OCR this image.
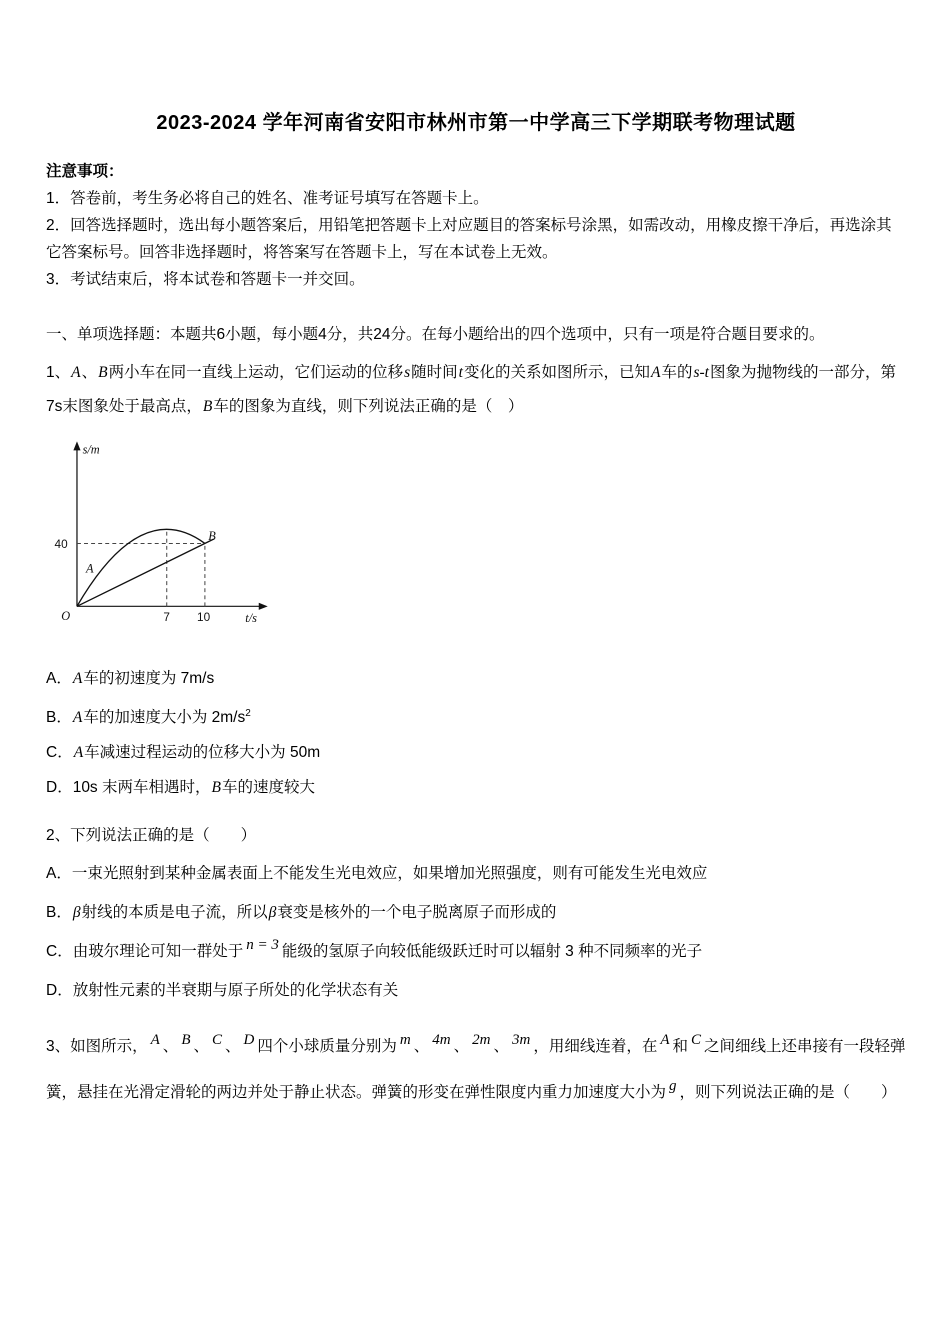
2023-2024 学年河南省安阳市林州市第一中学高三下学期联考物理试题
注意事项：

1．答卷前，考生务必将自己的姓名、准考证号填写在答题卡上。

2．回答选择题时，选出每小题答案后，用铅笔把答题卡上对应题目的答案标号涂黑，如需改动，用橡皮擦干净后，再选涂其它答案标号。回答非选择题时，将答案写在答题卡上，写在本试卷上无效。

3．考试结束后，将本试卷和答题卡一并交回。

一、单项选择题：本题共6小题，每小题4分，共24分。在每小题给出的四个选项中，只有一项是符合题目要求的。

1、A、B两小车在同一直线上运动，它们运动的位移s随时间t变化的关系如图所示，已知A车的s-t图象为抛物线的一部分，第7s末图象处于最高点，B车的图象为直线，则下列说法正确的是（　）

s/m
t/s
O
40
7	10
A
B

A．A车的初速度为 7m/s

B．A车的加速度大小为 $2m/s^2$

C．A车减速过程运动的位移大小为 50m

D．10s 末两车相遇时，B车的速度较大

2、下列说法正确的是（　　）

A．一束光照射到某种金属表面上不能发生光电效应，如果增加光照强度，则有可能发生光电效应

B．β射线的本质是电子流，所以β衰变是核外的一个电子脱离原子而形成的

C．由玻尔理论可知一群处于 n = 3 能级的氢原子向较低能级跃迁时可以辐射 3 种不同频率的光子

D．放射性元素的半衰期与原子所处的化学状态有关

3、如图所示， A 、 B 、 C 、 D 四个小球质量分别为 m 、 4m 、 2m 、 3m ，用细线连着，在 A 和 C 之间细线上还串接有一段轻弹簧，悬挂在光滑定滑轮的两边并处于静止状态。弹簧的形变在弹性限度内重力加速度大小为 g ，则下列说法正确的是（　　）
